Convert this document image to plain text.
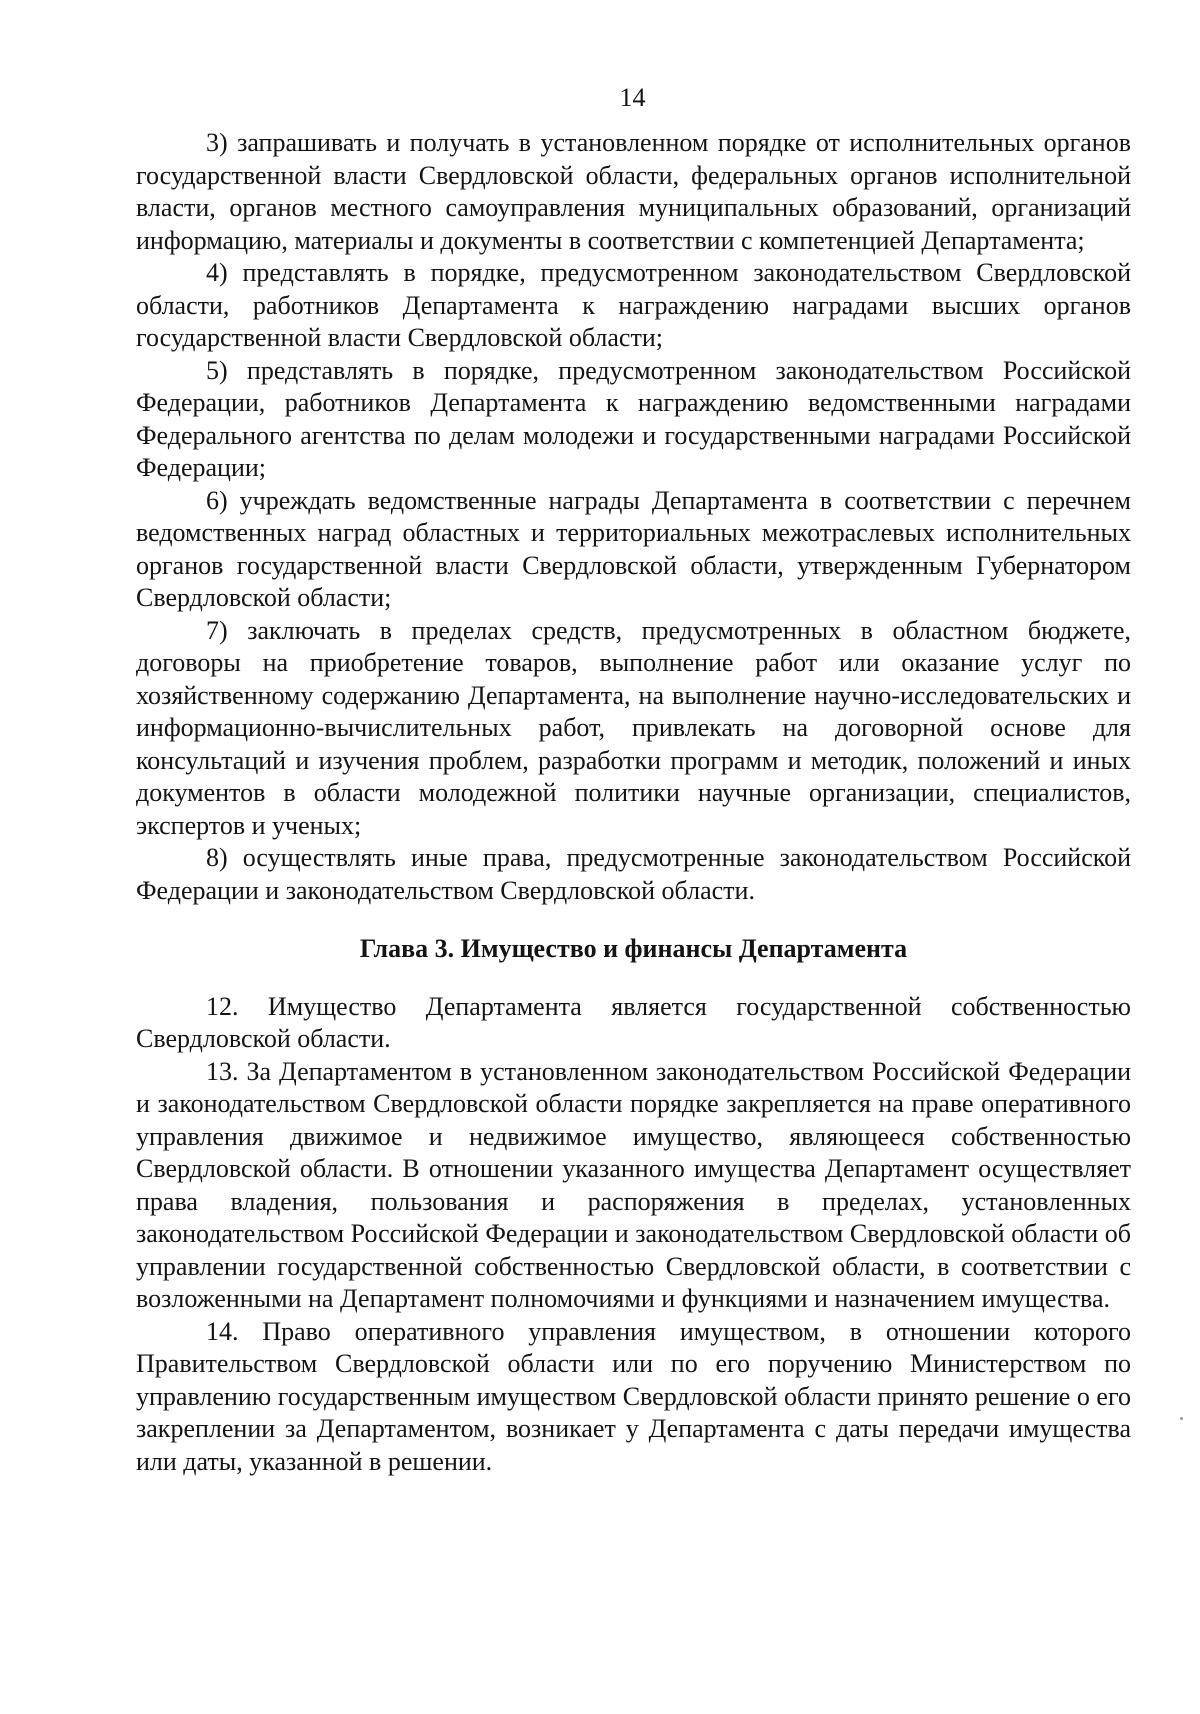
14

3) запрашивать и получать в установленном порядке от исполнительных органов государственной власти Свердловской области, федеральных органов исполнительной власти, органов местного самоуправления муниципальных образований, организаций информацию, материалы и документы в соответствии с компетенцией Департамента;

4) представлять в порядке, предусмотренном законодательством Свердловской области, работников Департамента к награждению наградами высших органов государственной власти Свердловской области;

5) представлять в порядке, предусмотренном законодательством Российской Федерации, работников Департамента к награждению ведомственными наградами Федерального агентства по делам молодежи и государственными наградами Российской Федерации;

6) учреждать ведомственные награды Департамента в соответствии с перечнем ведомственных наград областных и территориальных межотраслевых исполнительных органов государственной власти Свердловской области, утвержденным Губернатором Свердловской области;

7) заключать в пределах средств, предусмотренных в областном бюджете, договоры на приобретение товаров, выполнение работ или оказание услуг по хозяйственному содержанию Департамента, на выполнение научно-исследовательских и информационно-вычислительных работ, привлекать на договорной основе для консультаций и изучения проблем, разработки программ и методик, положений и иных документов в области молодежной политики научные организации, специалистов, экспертов и ученых;

8) осуществлять иные права, предусмотренные законодательством Российской Федерации и законодательством Свердловской области.

Глава 3. Имущество и финансы Департамента

12. Имущество Департамента является государственной собственностью Свердловской области.

13. За Департаментом в установленном законодательством Российской Федерации и законодательством Свердловской области порядке закрепляется на праве оперативного управления движимое и недвижимое имущество, являющееся собственностью Свердловской области. В отношении указанного имущества Департамент осуществляет права владения, пользования и распоряжения в пределах, установленных законодательством Российской Федерации и законодательством Свердловской области об управлении государственной собственностью Свердловской области, в соответствии с возложенными на Департамент полномочиями и функциями и назначением имущества.

14. Право оперативного управления имуществом, в отношении которого Правительством Свердловской области или по его поручению Министерством по управлению государственным имуществом Свердловской области принято решение о его закреплении за Департаментом, возникает у Департамента с даты передачи имущества или даты, указанной в решении.
